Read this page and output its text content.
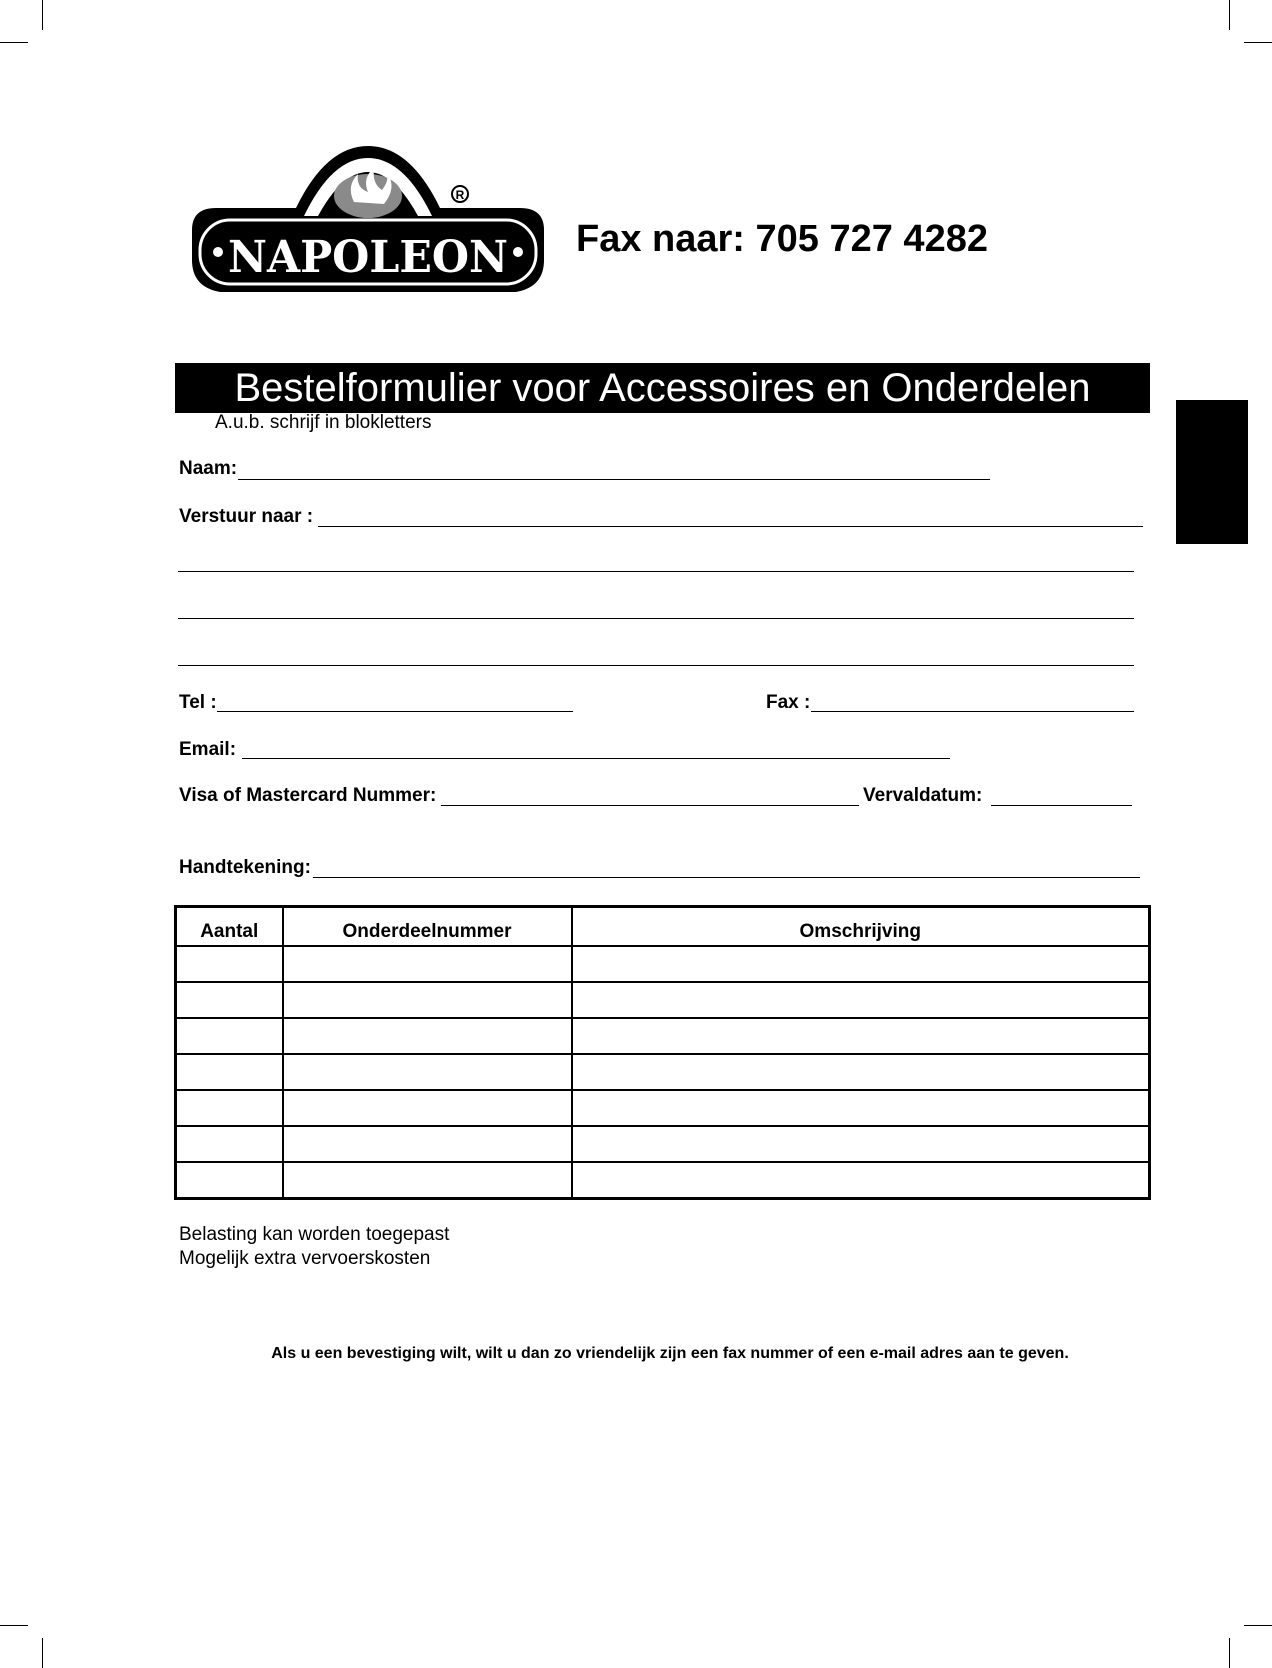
NAPOLEON
R
Fax naar: 705 727 4282
Bestelformulier voor Accessoires en Onderdelen
A.u.b. schrijf in blokletters
Naam:
Verstuur naar :
Tel :	Fax :
Email:
Visa of Mastercard Nummer:	Vervaldatum:
Handtekening:
Aantal	Onderdeelnummer	Omschrijving

Belasting kan worden toegepast
Mogelijk extra vervoerskosten
Als u een bevestiging wilt, wilt u dan zo vriendelijk zijn een fax nummer of een e-mail adres aan te geven.
